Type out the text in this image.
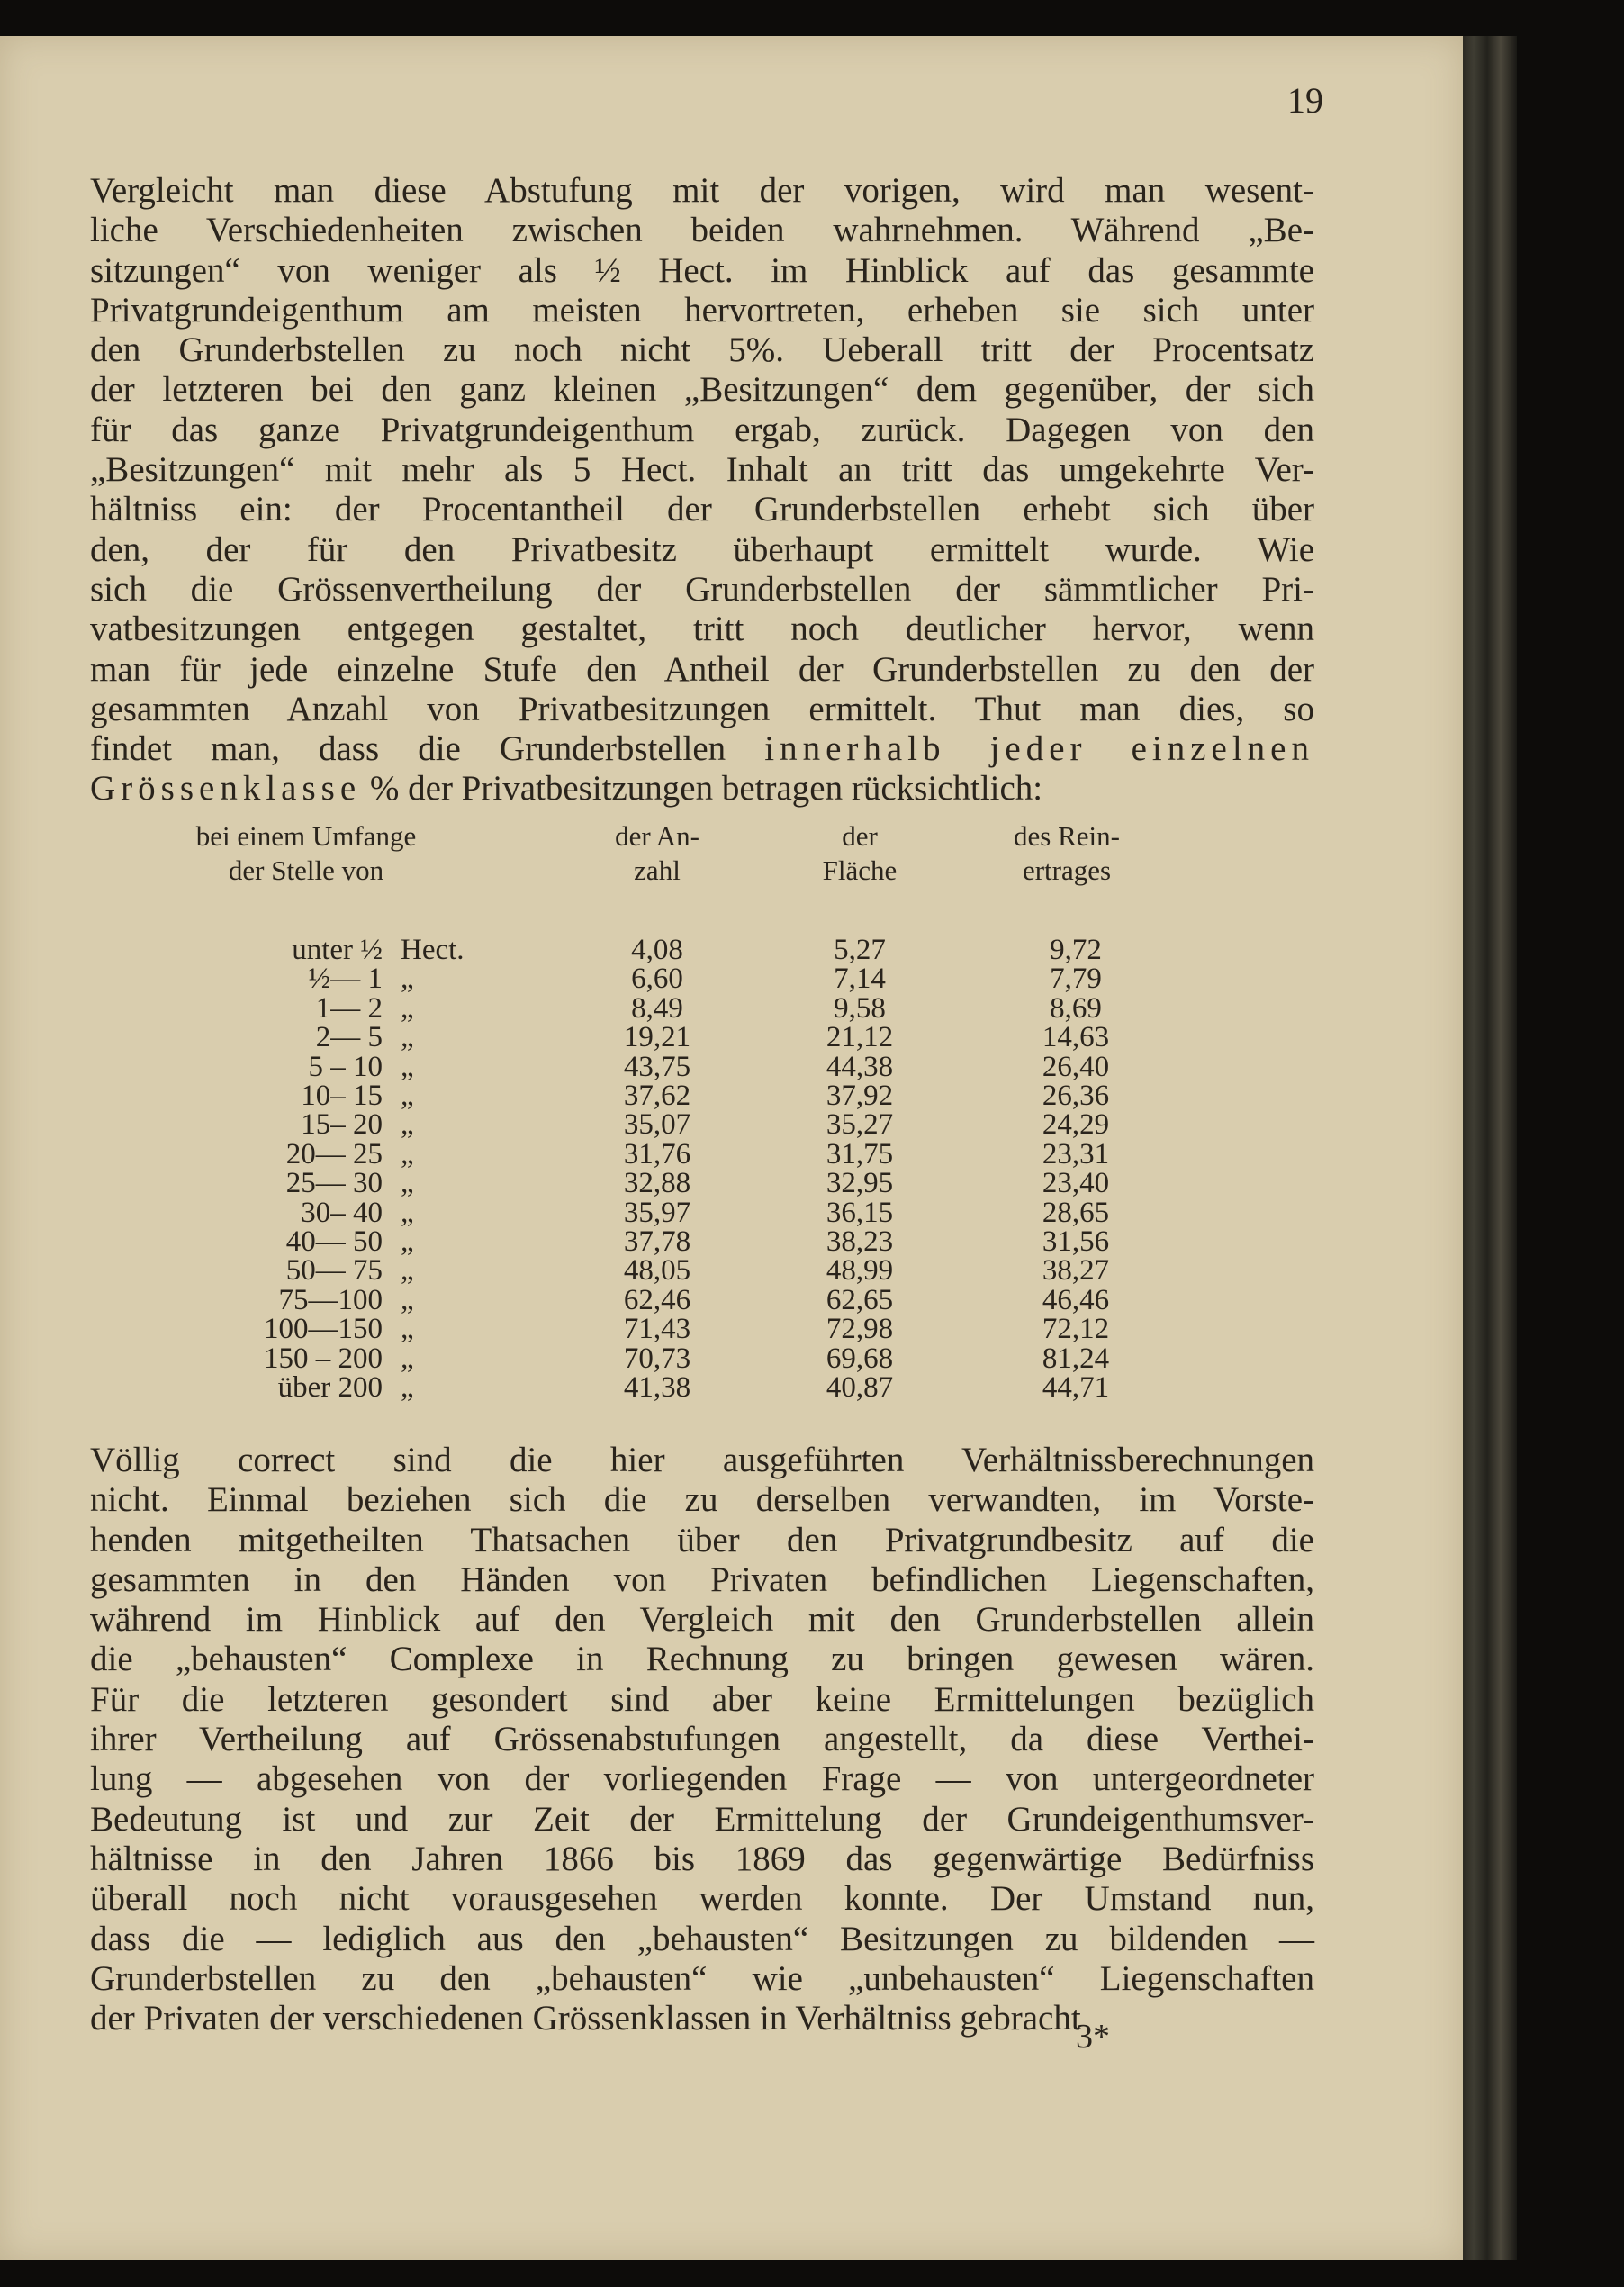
19
Vergleicht man diese Abstufung mit der vorigen, wird man wesent-
liche Verschiedenheiten zwischen beiden wahrnehmen. Während „Be-
sitzungen“ von weniger als ½ Hect. im Hinblick auf das gesammte
Privatgrundeigenthum am meisten hervortreten, erheben sie sich unter
den Grunderbstellen zu noch nicht 5%. Ueberall tritt der Procentsatz
der letzteren bei den ganz kleinen „Besitzungen“ dem gegenüber, der sich
für das ganze Privatgrundeigenthum ergab, zurück. Dagegen von den
„Besitzungen“ mit mehr als 5 Hect. Inhalt an tritt das umgekehrte Ver-
hältniss ein: der Procentantheil der Grunderbstellen erhebt sich über
den, der für den Privatbesitz überhaupt ermittelt wurde. Wie
sich die Grössenvertheilung der Grunderbstellen der sämmtlicher Pri-
vatbesitzungen entgegen gestaltet, tritt noch deutlicher hervor, wenn
man für jede einzelne Stufe den Antheil der Grunderbstellen zu den der
gesammten Anzahl von Privatbesitzungen ermittelt. Thut man dies, so
findet man, dass die Grunderbstellen innerhalb jeder einzelnen
Grössenklasse % der Privatbesitzungen betragen rücksichtlich:
bei einem Umfange
der Stelle von
der An-
zahl
der
Fläche
des Rein-
ertrages
unter ½ Hect.	4,08	5,27	9,72
½— 1 „	6,60	7,14	7,79
1— 2 „	8,49	9,58	8,69
2— 5 „	19,21	21,12	14,63
5 – 10 „	43,75	44,38	26,40
10– 15 „	37,62	37,92	26,36
15– 20 „	35,07	35,27	24,29
20— 25 „	31,76	31,75	23,31
25— 30 „	32,88	32,95	23,40
30– 40 „	35,97	36,15	28,65
40— 50 „	37,78	38,23	31,56
50— 75 „	48,05	48,99	38,27
75—100 „	62,46	62,65	46,46
100—150 „	71,43	72,98	72,12
150 – 200 „	70,73	69,68	81,24
über 200 „	41,38	40,87	44,71
Völlig correct sind die hier ausgeführten Verhältnissberechnungen
nicht. Einmal beziehen sich die zu derselben verwandten, im Vorste-
henden mitgetheilten Thatsachen über den Privatgrundbesitz auf die
gesammten in den Händen von Privaten befindlichen Liegenschaften,
während im Hinblick auf den Vergleich mit den Grunderbstellen allein
die „behausten“ Complexe in Rechnung zu bringen gewesen wären.
Für die letzteren gesondert sind aber keine Ermittelungen bezüglich
ihrer Vertheilung auf Grössenabstufungen angestellt, da diese Verthei-
lung — abgesehen von der vorliegenden Frage — von untergeordneter
Bedeutung ist und zur Zeit der Ermittelung der Grundeigenthumsver-
hältnisse in den Jahren 1866 bis 1869 das gegenwärtige Bedürfniss
überall noch nicht vorausgesehen werden konnte. Der Umstand nun,
dass die — lediglich aus den „behausten“ Besitzungen zu bildenden —
Grunderbstellen zu den „behausten“ wie „unbehausten“ Liegenschaften
der Privaten der verschiedenen Grössenklassen in Verhältniss gebracht
3*
